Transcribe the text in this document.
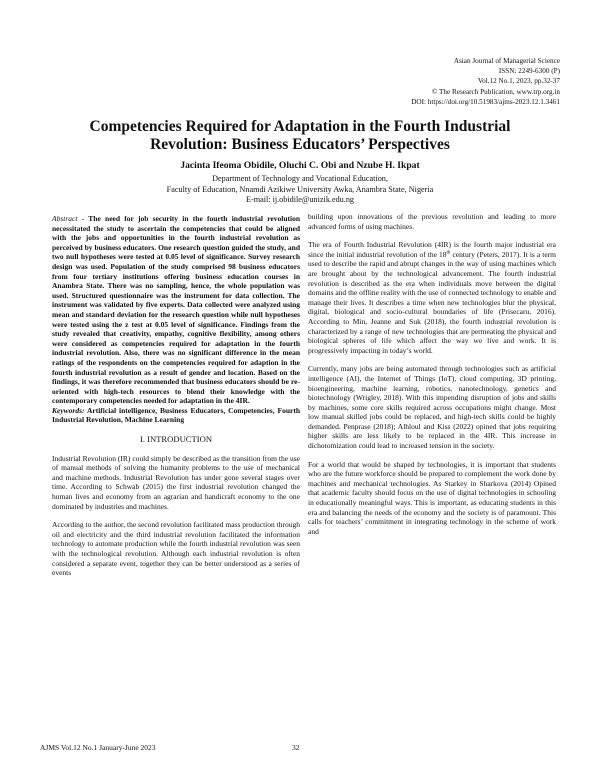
Asian Journal of Managerial Science
ISSN: 2249-6300 (P)
Vol.12 No.1, 2023, pp.32-37
© The Research Publication, www.trp.org.in
DOI: https://doi.org/10.51983/ajms-2023.12.1.3461
Competencies Required for Adaptation in the Fourth Industrial
Revolution: Business Educators’ Perspectives
Jacinta Ifeoma Obidile, Oluchi C. Obi and Nzube H. Ikpat
Department of Technology and Vocational Education,
Faculty of Education, Nnamdi Azikiwe University Awka, Anambra State, Nigeria
E-mail: ij.obidile@unizik.edu.ng

Abstract - The need for job security in the fourth industrial revolution necessitated the study to ascertain the competencies that could be aligned with the jobs and opportunities in the fourth industrial revolution as perceived by business educators. One research question guided the study, and two null hypotheses were tested at 0.05 level of significance. Survey research design was used. Population of the study comprised 98 business educators from four tertiary institutions offering business education courses in Anambra State. There was no sampling, hence, the whole population was used. Structured questionnaire was the instrument for data collection. The instrument was validated by five experts. Data collected were analyzed using mean and standard deviation for the research question while null hypotheses were tested using the z test at 0.05 level of significance. Findings from the study revealed that creativity, empathy, cognitive flexibility, among others were considered as competencies required for adaptation in the fourth industrial revolution. Also, there was no significant difference in the mean ratings of the respondents on the competencies required for adaption in the fourth industrial revolution as a result of gender and location. Based on the findings, it was therefore recommended that business educators should be re-oriented with high-tech resources to blend their knowledge with the contemporary competencies needed for adaptation in the 4IR.

Keywords: Artificial intelligence, Business Educators, Competencies, Fourth Industrial Revolution, Machine Learning

I. INTRODUCTION

Industrial Revolution (IR) could simply be described as the transition from the use of manual methods of solving the humanity problems to the use of mechanical and machine methods. Industrial Revolution has under gone several stages over time. According to Schwab (2015) the first industrial revolution changed the human lives and economy from an agrarian and handicraft economy to the one dominated by industries and machines.

According to the author, the second revolution facilitated mass production through oil and electricity and the third industrial revolution facilitated the information technology to automate production while the fourth industrial revolution was seen with the technological revolution. Although each industrial revolution is often considered a separate event, together they can be better understood as a series of events

building upon innovations of the previous revolution and leading to more advanced forms of using machines.

The era of Fourth Industrial Revolution (4IR) is the fourth major industrial era since the initial industrial revolution of the 18th century (Peters, 2017). It is a term used to describe the rapid and abrupt changes in the way of using machines which are brought about by the technological advancement. The fourth industrial revolution is described as the era when individuals move between the digital domains and the offline reality with the use of connected technology to enable and manage their lives. It describes a time when new technologies blur the physical, digital, biological and socio-cultural boundaries of life (Prisecaru, 2016). According to Min, Jeanne and Suk (2018), the fourth industrial revolution is characterized by a range of new technologies that are permeating the physical and biological spheres of life which affect the way we live and work. It is progressively impacting in today’s world.

Currently, many jobs are being automated through technologies such as artificial intelligence (AI), the Internet of Things (IoT), cloud computing, 3D printing, bioengineering, machine learning, robotics, nanotechnology, genetics and biotechnology (Wrigley, 2018). With this impending disruption of jobs and skills by machines, some core skills required across occupations might change. Most low manual skilled jobs could be replaced, and high-tech skills could be highly demanded. Penprase (2018); Alhloul and Kiss (2022) opined that jobs requiring higher skills are less likely to be replaced in the 4IR. This increase in dichotomization could lead to increased tension in the society.

For a world that would be shaped by technologies, it is important that students who are the future workforce should be prepared to complement the work done by machines and mechanical technologies. As Starkey in Sharkova (2014) Opined that academic faculty should focus on the use of digital technologies in schooling in educationally meaningful ways. This is important, as educating students in this era and balancing the needs of the economy and the society is of paramount. This calls for teachers’ commitment in integrating technology in the scheme of work and

AJMS Vol.12 No.1 January-June 2023	32
